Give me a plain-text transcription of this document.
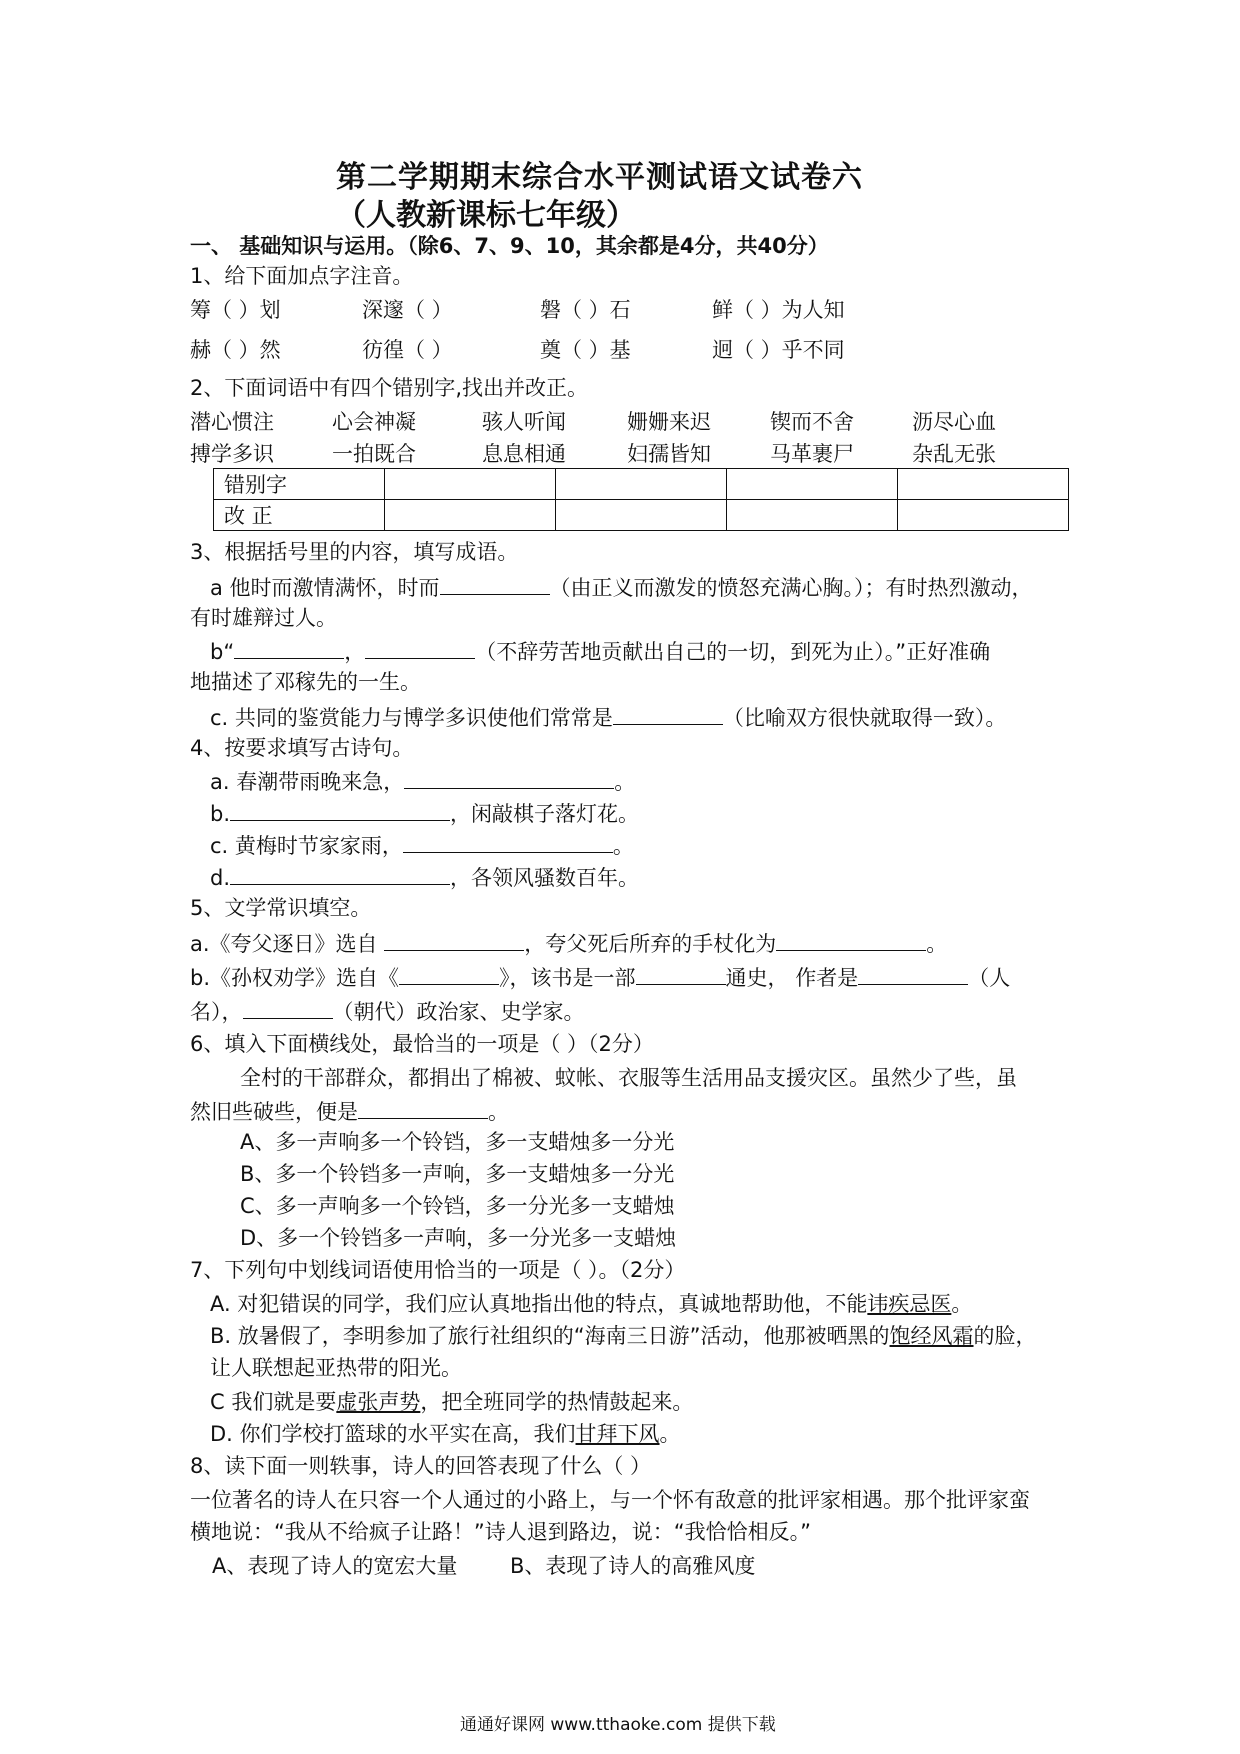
第二学期期末综合水平测试语文试卷六
（人教新课标七年级）
一、 基础知识与运用。（除6、7、9、10，其余都是4分，共40分）
1、给下面加点字注音。
筹（ ）划	深邃（ ）	磐（ ）石	鲜（ ）为人知
赫（ ）然	彷徨（ ）	奠（ ）基	迥（ ）乎不同
2、下面词语中有四个错别字,找出并改正。
潜心惯注	心会神凝	骇人听闻	姗姗来迟	锲而不舍	沥尽心血
搏学多识	一拍既合	息息相通	妇孺皆知	马革裹尸	杂乱无张
错别字				
改 正				
3、根据括号里的内容，填写成语。
a 他时而激情满怀，时而	（由正义而激发的愤怒充满心胸。）；有时热烈激动，
有时雄辩过人。
b“	，	（不辞劳苦地贡献出自己的一切，到死为止）。”正好准确
地描述了邓稼先的一生。
c. 共同的鉴赏能力与博学多识使他们常常是	（比喻双方很快就取得一致）。
4、按要求填写古诗句。
a. 春潮带雨晚来急，	。
b.	，闲敲棋子落灯花。
c. 黄梅时节家家雨，	。
d.	，各领风骚数百年。
5、文学常识填空。
a.《夸父逐日》选自	，夸父死后所弃的手杖化为	。
b.《孙权劝学》选自《	》，该书是一部	通史， 作者是	（人
名），	（朝代）政治家、史学家。
6、填入下面横线处，最恰当的一项是（ ）（2分）
全村的干部群众，都捐出了棉被、蚊帐、衣服等生活用品支援灾区。虽然少了些，虽
然旧些破些，便是	。
A、多一声响多一个铃铛，多一支蜡烛多一分光
B、多一个铃铛多一声响，多一支蜡烛多一分光
C、多一声响多一个铃铛，多一分光多一支蜡烛
D、多一个铃铛多一声响，多一分光多一支蜡烛
7、下列句中划线词语使用恰当的一项是（ ）。（2分）
A. 对犯错误的同学，我们应认真地指出他的特点，真诚地帮助他，不能讳疾忌医。
B. 放暑假了，李明参加了旅行社组织的“海南三日游”活动，他那被晒黑的饱经风霜的脸，
让人联想起亚热带的阳光。
C 我们就是要虚张声势，把全班同学的热情鼓起来。
D. 你们学校打篮球的水平实在高，我们甘拜下风。
8、读下面一则轶事，诗人的回答表现了什么（ ）
一位著名的诗人在只容一个人通过的小路上，与一个怀有敌意的批评家相遇。那个批评家蛮
横地说：“我从不给疯子让路！”诗人退到路边，说：“我恰恰相反。”
A、表现了诗人的宽宏大量	B、表现了诗人的高雅风度
通通好课网 www.tthaoke.com 提供下载
